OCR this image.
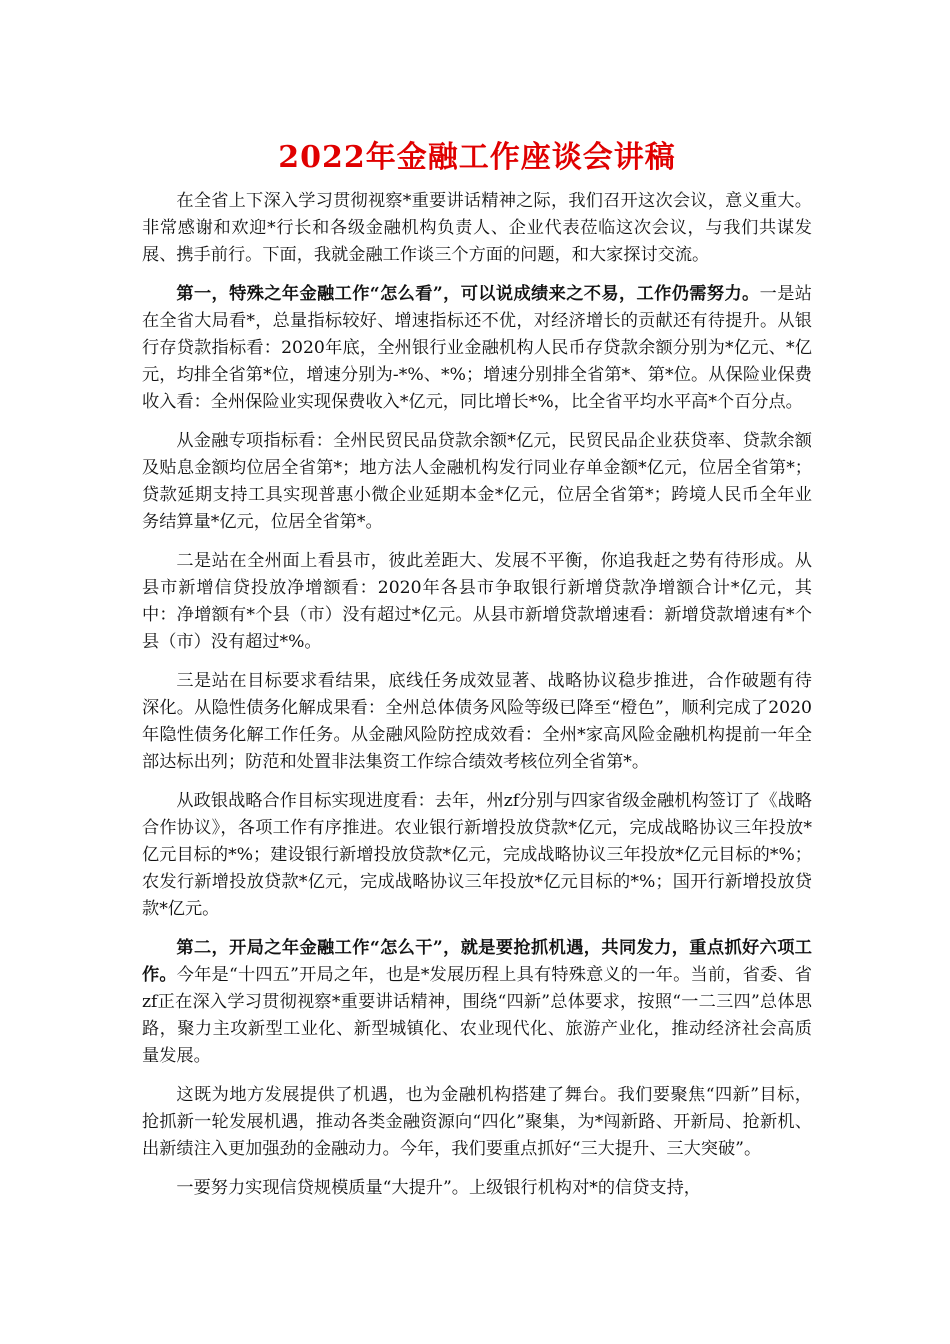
2022年金融工作座谈会讲稿

在全省上下深入学习贯彻视察*重要讲话精神之际，我们召开这次会议，意义重大。非常感谢和欢迎*行长和各级金融机构负责人、企业代表莅临这次会议，与我们共谋发展、携手前行。下面，我就金融工作谈三个方面的问题，和大家探讨交流。

第一，特殊之年金融工作“怎么看”，可以说成绩来之不易，工作仍需努力。一是站在全省大局看*，总量指标较好、增速指标还不优，对经济增长的贡献还有待提升。从银行存贷款指标看：2020年底，全州银行业金融机构人民币存贷款余额分别为*亿元、*亿元，均排全省第*位，增速分别为-*%、*%；增速分别排全省第*、第*位。从保险业保费收入看：全州保险业实现保费收入*亿元，同比增长*%，比全省平均水平高*个百分点。

从金融专项指标看：全州民贸民品贷款余额*亿元，民贸民品企业获贷率、贷款余额及贴息金额均位居全省第*；地方法人金融机构发行同业存单金额*亿元，位居全省第*；贷款延期支持工具实现普惠小微企业延期本金*亿元，位居全省第*；跨境人民币全年业务结算量*亿元，位居全省第*。

二是站在全州面上看县市，彼此差距大、发展不平衡，你追我赶之势有待形成。从县市新增信贷投放净增额看：2020年各县市争取银行新增贷款净增额合计*亿元，其中：净增额有*个县（市）没有超过*亿元。从县市新增贷款增速看：新增贷款增速有*个县（市）没有超过*%。

三是站在目标要求看结果，底线任务成效显著、战略协议稳步推进，合作破题有待深化。从隐性债务化解成果看：全州总体债务风险等级已降至“橙色”，顺利完成了2020年隐性债务化解工作任务。从金融风险防控成效看：全州*家高风险金融机构提前一年全部达标出列；防范和处置非法集资工作综合绩效考核位列全省第*。

从政银战略合作目标实现进度看：去年，州zf分别与四家省级金融机构签订了《战略合作协议》，各项工作有序推进。农业银行新增投放贷款*亿元，完成战略协议三年投放*亿元目标的*%；建设银行新增投放贷款*亿元，完成战略协议三年投放*亿元目标的*%；农发行新增投放贷款*亿元，完成战略协议三年投放*亿元目标的*%；国开行新增投放贷款*亿元。

第二，开局之年金融工作“怎么干”，就是要抢抓机遇，共同发力，重点抓好六项工作。今年是“十四五”开局之年，也是*发展历程上具有特殊意义的一年。当前，省委、省zf正在深入学习贯彻视察*重要讲话精神，围绕“四新”总体要求，按照“一二三四”总体思路，聚力主攻新型工业化、新型城镇化、农业现代化、旅游产业化，推动经济社会高质量发展。

这既为地方发展提供了机遇，也为金融机构搭建了舞台。我们要聚焦“四新”目标，抢抓新一轮发展机遇，推动各类金融资源向“四化”聚集，为*闯新路、开新局、抢新机、出新绩注入更加强劲的金融动力。今年，我们要重点抓好“三大提升、三大突破”。

一要努力实现信贷规模质量“大提升”。上级银行机构对*的信贷支持，
